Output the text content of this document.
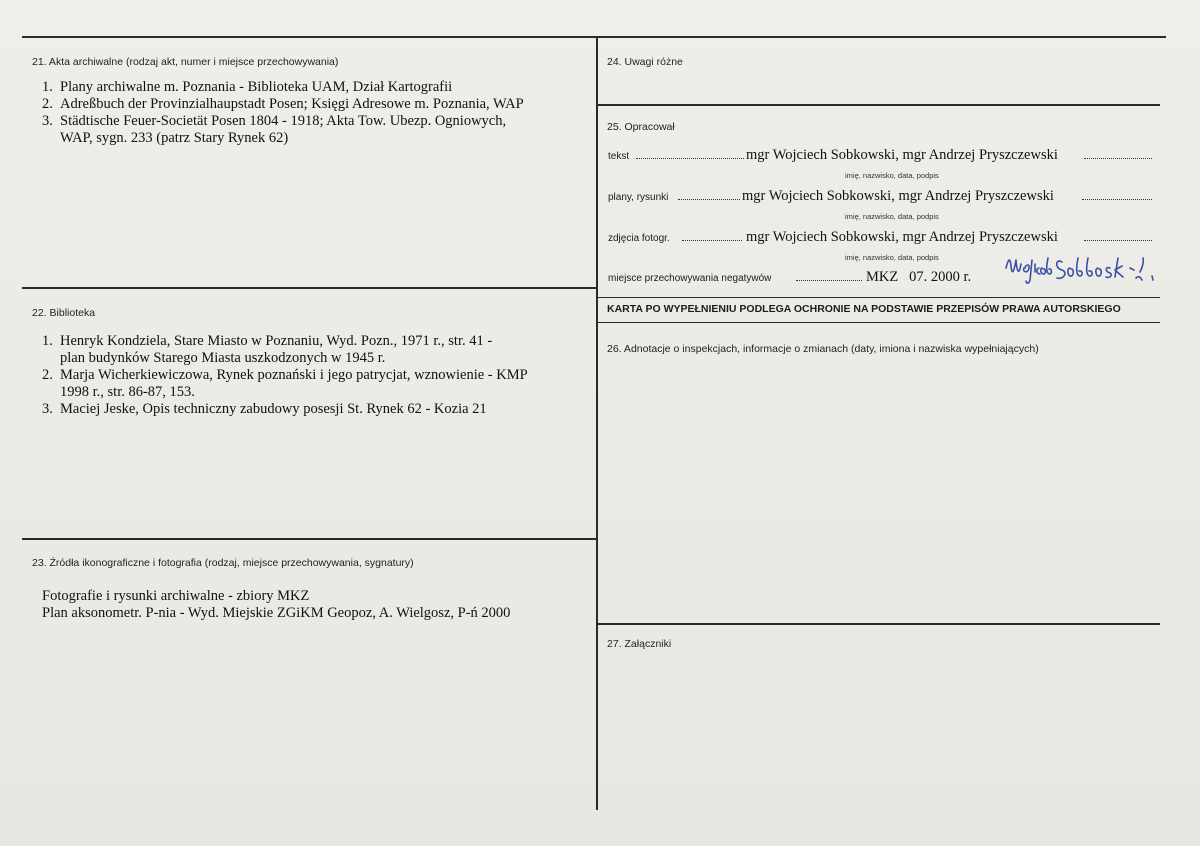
21. Akta archiwalne (rodzaj akt, numer i miejsce przechowywania)
1. Plany archiwalne m. Poznania - Biblioteka UAM, Dział Kartografii
2. Adreßbuch der Provinzialhaupstadt Posen; Księgi Adresowe m. Poznania, WAP
3. Städtische Feuer-Societät Posen 1804 - 1918; Akta Tow. Ubezp. Ogniowych,
WAP, sygn. 233 (patrz Stary Rynek 62)
22. Biblioteka
1. Henryk Kondziela, Stare Miasto w Poznaniu, Wyd. Pozn., 1971 r., str. 41 -
plan budynków Starego Miasta uszkodzonych w 1945 r.
2. Marja Wicherkiewiczowa, Rynek poznański i jego patrycjat, wznowienie - KMP
1998 r., str. 86-87, 153.
3. Maciej Jeske, Opis techniczny zabudowy posesji St. Rynek 62 - Kozia 21
23. Źródła ikonograficzne i fotografia (rodzaj, miejsce przechowywania, sygnatury)
Fotografie i rysunki archiwalne - zbiory MKZ
Plan aksonometr. P-nia - Wyd. Miejskie ZGiKM Geopoz, A. Wielgosz, P-ń 2000
24. Uwagi różne
25. Opracował
tekst	mgr Wojciech Sobkowski, mgr Andrzej Pryszczewski
imię, nazwisko, data, podpis
plany, rysunki	mgr Wojciech Sobkowski, mgr Andrzej Pryszczewski
imię, nazwisko, data, podpis
zdjęcia fotogr.	mgr Wojciech Sobkowski, mgr Andrzej Pryszczewski
imię, nazwisko, data, podpis
miejsce przechowywania negatywów	MKZ   07. 2000 r.
KARTA PO WYPEŁNIENIU PODLEGA OCHRONIE NA PODSTAWIE PRZEPISÓW PRAWA AUTORSKIEGO
26. Adnotacje o inspekcjach, informacje o zmianach (daty, imiona i nazwiska wypełniających)
27. Załączniki
